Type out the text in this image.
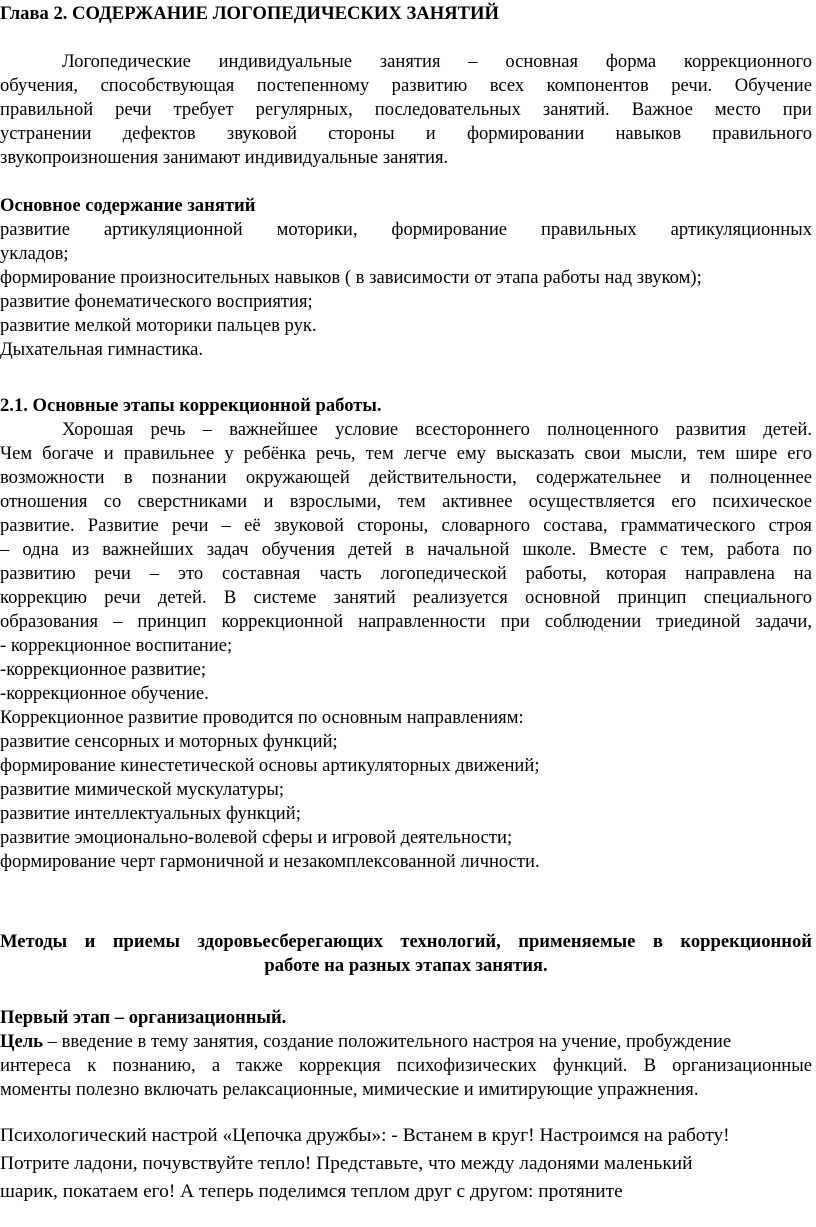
Глава 2. СОДЕРЖАНИЕ ЛОГОПЕДИЧЕСКИХ ЗАНЯТИЙ
Логопедические индивидуальные занятия – основная форма коррекционного
обучения, способствующая постепенному развитию всех компонентов речи. Обучение
правильной речи требует регулярных, последовательных занятий. Важное место при
устранении дефектов звуковой стороны и формировании навыков правильного
звукопроизношения занимают индивидуальные занятия.
Основное содержание занятий
развитие артикуляционной моторики, формирование правильных артикуляционных
укладов;
формирование произносительных навыков ( в зависимости от этапа работы над звуком);
развитие фонематического восприятия;
развитие мелкой моторики пальцев рук.
Дыхательная гимнастика.
2.1. Основные этапы коррекционной работы.
Хорошая речь – важнейшее условие всестороннего полноценного развития детей.
Чем богаче и правильнее у ребёнка речь, тем легче ему высказать свои мысли, тем шире его
возможности в познании окружающей действительности, содержательнее и полноценнее
отношения со сверстниками и взрослыми, тем активнее осуществляется его психическое
развитие. Развитие речи – её звуковой стороны, словарного состава, грамматического строя
– одна из важнейших задач обучения детей в начальной школе. Вместе с тем, работа по
развитию речи – это составная часть логопедической работы, которая направлена на
коррекцию речи детей. В системе занятий реализуется основной принцип специального
образования – принцип коррекционной направленности при соблюдении триединой задачи,
- коррекционное воспитание;
-коррекционное развитие;
-коррекционное обучение.
Коррекционное развитие проводится по основным направлениям:
развитие сенсорных и моторных функций;
формирование кинестетической основы артикуляторных движений;
развитие мимической мускулатуры;
развитие интеллектуальных функций;
развитие эмоционально-волевой сферы и игровой деятельности;
формирование черт гармоничной и незакомплексованной личности.
Методы и приемы здоровьесберегающих технологий, применяемые в коррекционной
работе на разных этапах занятия.
Первый этап – организационный.
Цель – введение в тему занятия, создание положительного настроя на учение, пробуждение
интереса к познанию, а также коррекция психофизических функций. В организационные
моменты полезно включать релаксационные, мимические и имитирующие упражнения.
Психологический настрой «Цепочка дружбы»: - Встанем в круг! Настроимся на работу!
Потрите ладони, почувствуйте тепло! Представьте, что между ладонями маленький
шарик, покатаем его! А теперь поделимся теплом друг с другом: протяните
